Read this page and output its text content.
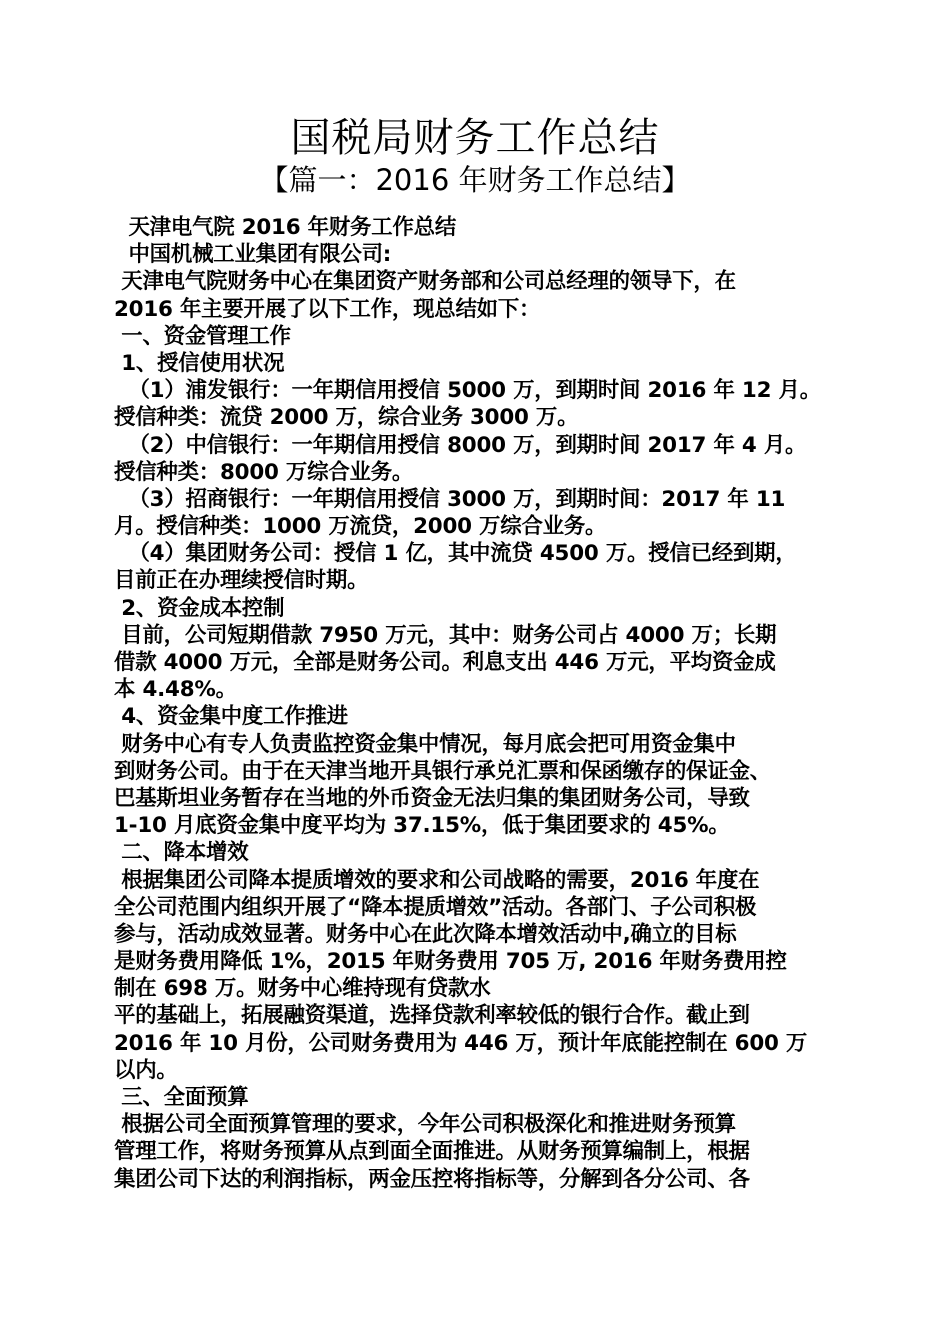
国税局财务工作总结
【篇一：2016 年财务工作总结】
天津电气院 2016 年财务工作总结
中国机械工业集团有限公司:
天津电气院财务中心在集团资产财务部和公司总经理的领导下，在
2016 年主要开展了以下工作，现总结如下：
一、资金管理工作
1、授信使用状况
（1）浦发银行：一年期信用授信 5000 万，到期时间 2016 年 12 月。
授信种类：流贷 2000 万，综合业务 3000 万。
（2）中信银行：一年期信用授信 8000 万，到期时间 2017 年 4 月。
授信种类：8000 万综合业务。
（3）招商银行：一年期信用授信 3000 万，到期时间：2017 年 11
月。授信种类：1000 万流贷，2000 万综合业务。
（4）集团财务公司：授信 1 亿，其中流贷 4500 万。授信已经到期，
目前正在办理续授信时期。
2、资金成本控制
目前，公司短期借款 7950 万元，其中：财务公司占 4000 万；长期
借款 4000 万元，全部是财务公司。利息支出 446 万元，平均资金成
本 4.48%。
4、资金集中度工作推进
财务中心有专人负责监控资金集中情况，每月底会把可用资金集中
到财务公司。由于在天津当地开具银行承兑汇票和保函缴存的保证金、
巴基斯坦业务暂存在当地的外币资金无法归集的集团财务公司，导致
1-10 月底资金集中度平均为 37.15%，低于集团要求的 45%。
二、降本增效
根据集团公司降本提质增效的要求和公司战略的需要，2016 年度在
全公司范围内组织开展了“降本提质增效”活动。各部门、子公司积极
参与，活动成效显著。财务中心在此次降本增效活动中,确立的目标
是财务费用降低 1%，2015 年财务费用 705 万, 2016 年财务费用控
制在 698 万。财务中心维持现有贷款水
平的基础上，拓展融资渠道，选择贷款利率较低的银行合作。截止到
2016 年 10 月份，公司财务费用为 446 万，预计年底能控制在 600 万
以内。
三、全面预算
根据公司全面预算管理的要求，今年公司积极深化和推进财务预算
管理工作，将财务预算从点到面全面推进。从财务预算编制上，根据
集团公司下达的利润指标，两金压控将指标等，分解到各分公司、各
